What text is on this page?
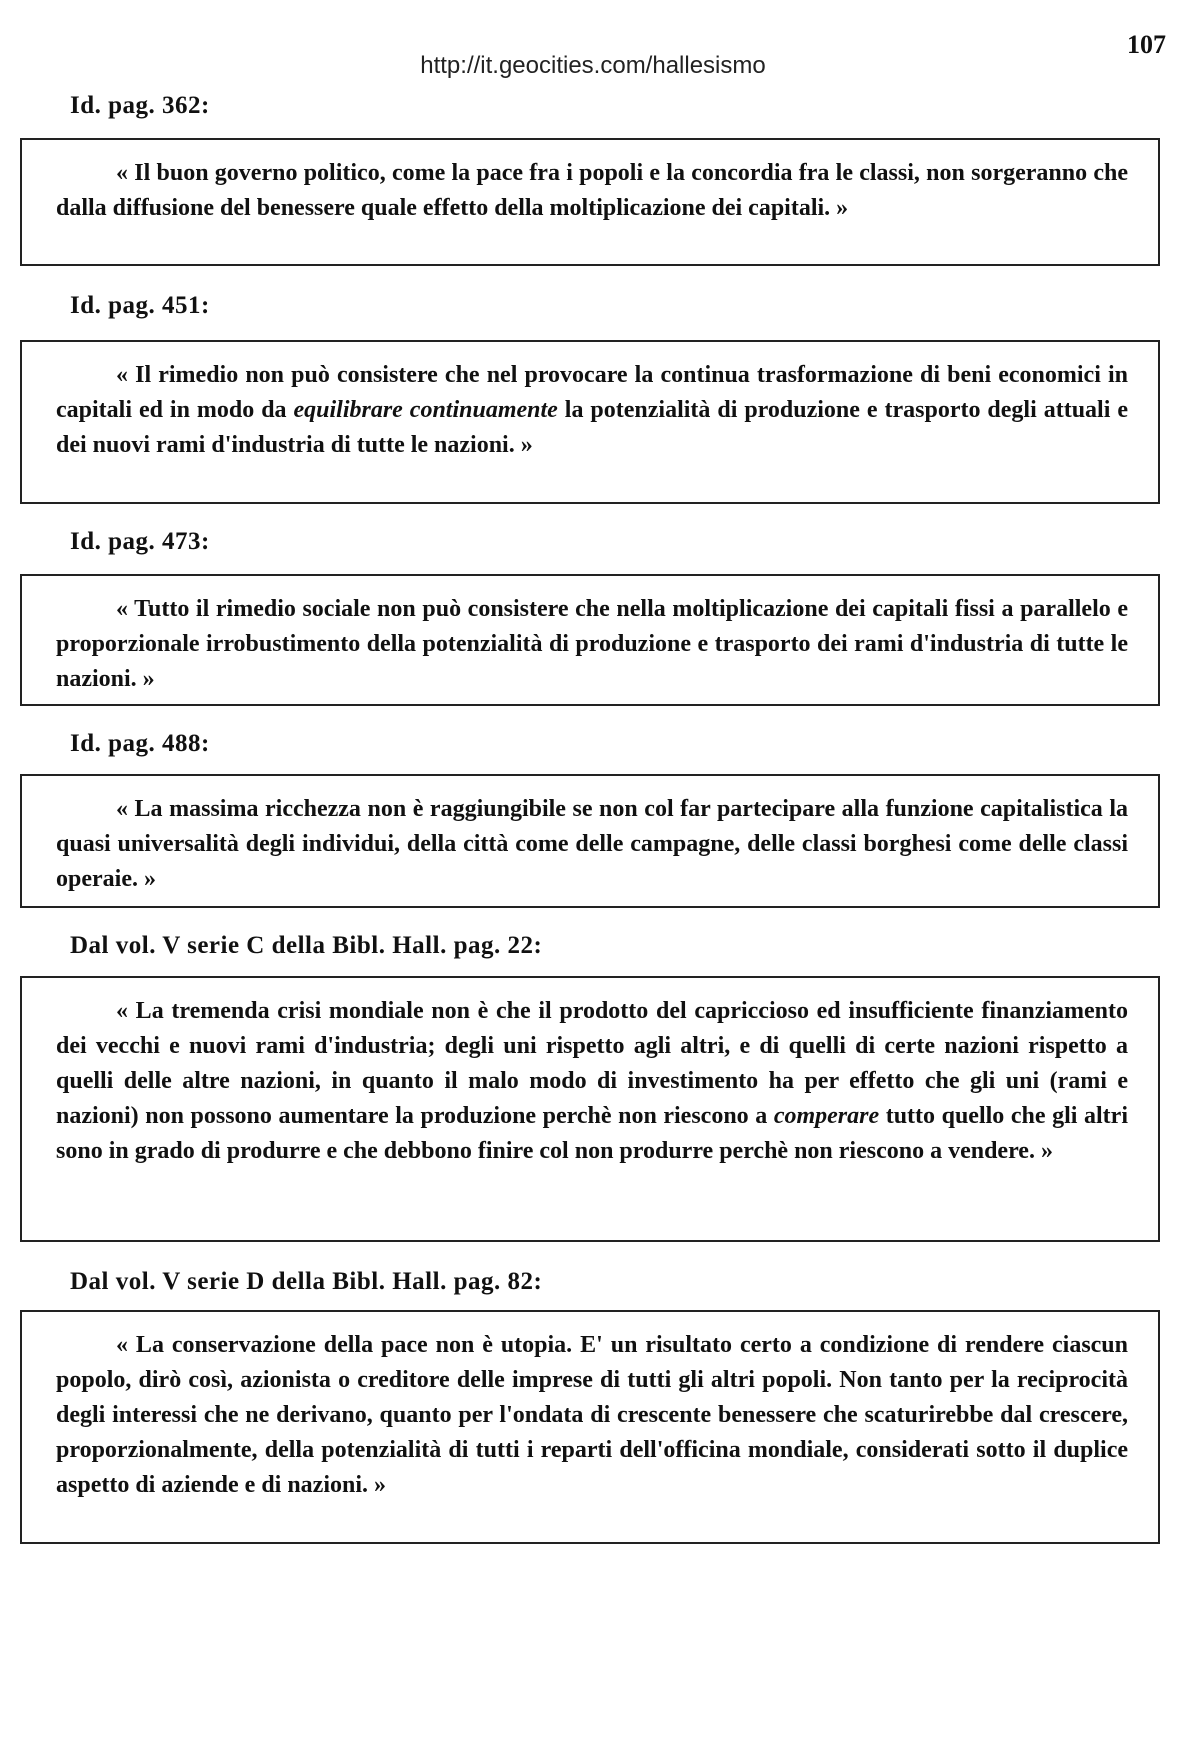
107
http://it.geocities.com/hallesismo
Id. pag. 362:

« Il buon governo politico, come la pace fra i popoli e la concordia fra le classi, non sorgeranno che dalla diffusione del benessere quale effetto della moltiplicazione dei capitali. »

Id. pag. 451:

« Il rimedio non può consistere che nel provocare la continua trasformazione di beni economici in capitali ed in modo da equilibrare continuamente la potenzialità di produzione e trasporto degli attuali e dei nuovi rami d'industria di tutte le nazioni. »

Id. pag. 473:

« Tutto il rimedio sociale non può consistere che nella moltiplicazione dei capitali fissi a parallelo e proporzionale irrobustimento della potenzialità di produzione e trasporto dei rami d'industria di tutte le nazioni. »

Id. pag. 488:

« La massima ricchezza non è raggiungibile se non col far partecipare alla funzione capitalistica la quasi universalità degli individui, della città come delle campagne, delle classi borghesi come delle classi operaie. »

Dal vol. V serie C della Bibl. Hall. pag. 22:

« La tremenda crisi mondiale non è che il prodotto del capriccioso ed insufficiente finanziamento dei vecchi e nuovi rami d'industria; degli uni rispetto agli altri, e di quelli di certe nazioni rispetto a quelli delle altre nazioni, in quanto il malo modo di investimento ha per effetto che gli uni (rami e nazioni) non possono aumentare la produzione perchè non riescono a comperare tutto quello che gli altri sono in grado di produrre e che debbono finire col non produrre perchè non riescono a vendere. »

Dal vol. V serie D della Bibl. Hall. pag. 82:

« La conservazione della pace non è utopia. E' un risultato certo a condizione di rendere ciascun popolo, dirò così, azionista o creditore delle imprese di tutti gli altri popoli. Non tanto per la reciprocità degli interessi che ne derivano, quanto per l'ondata di crescente benessere che scaturirebbe dal crescere, proporzionalmente, della potenzialità di tutti i reparti dell'officina mondiale, considerati sotto il duplice aspetto di aziende e di nazioni. »
